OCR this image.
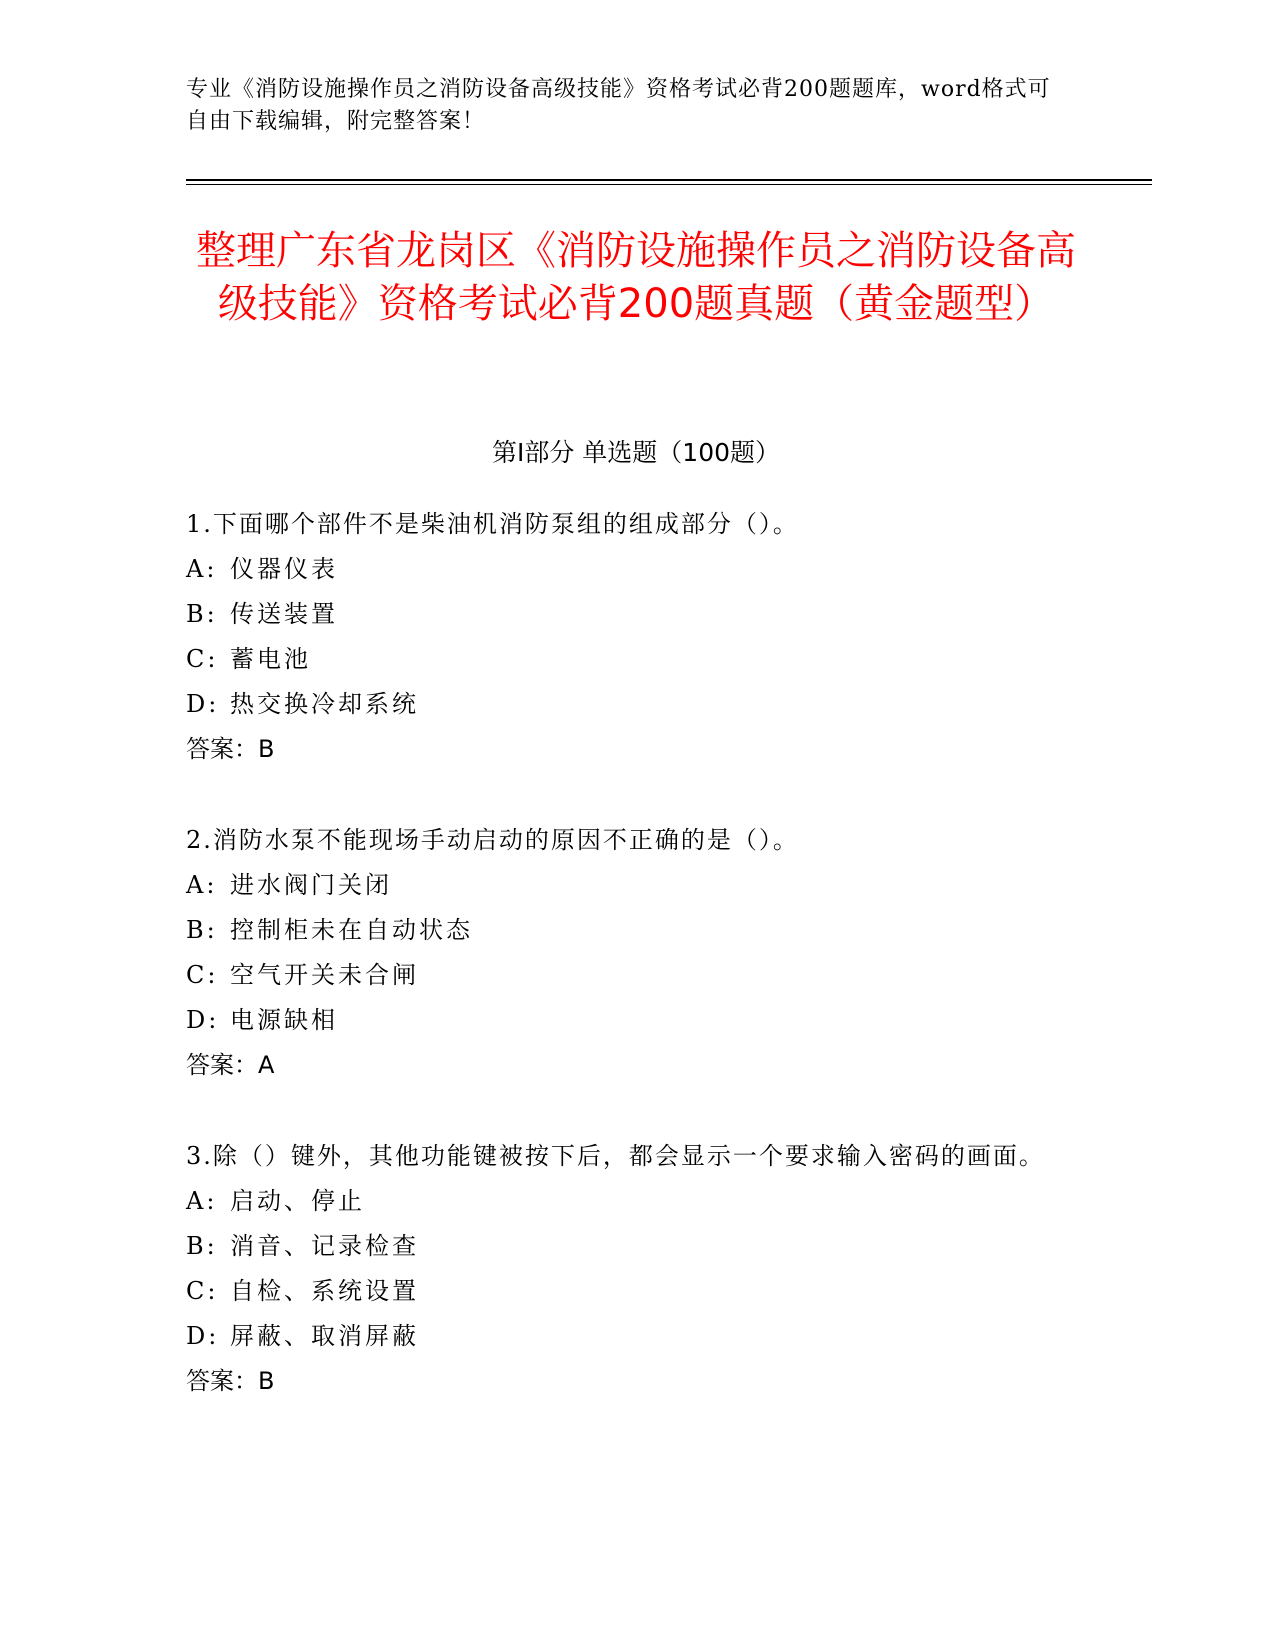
专业《消防设施操作员之消防设备高级技能》资格考试必背200题题库，word格式可自由下载编辑，附完整答案！
整理广东省龙岗区《消防设施操作员之消防设备高级技能》资格考试必背200题真题（黄金题型）
第I部分 单选题（100题）
1.下面哪个部件不是柴油机消防泵组的组成部分（）。
A: 仪器仪表
B: 传送装置
C: 蓄电池
D: 热交换冷却系统
答案：B
2.消防水泵不能现场手动启动的原因不正确的是（）。
A: 进水阀门关闭
B: 控制柜未在自动状态
C: 空气开关未合闸
D: 电源缺相
答案：A
3.除（）键外，其他功能键被按下后，都会显示一个要求输入密码的画面。
A: 启动、停止
B: 消音、记录检查
C: 自检、系统设置
D: 屏蔽、取消屏蔽
答案：B
